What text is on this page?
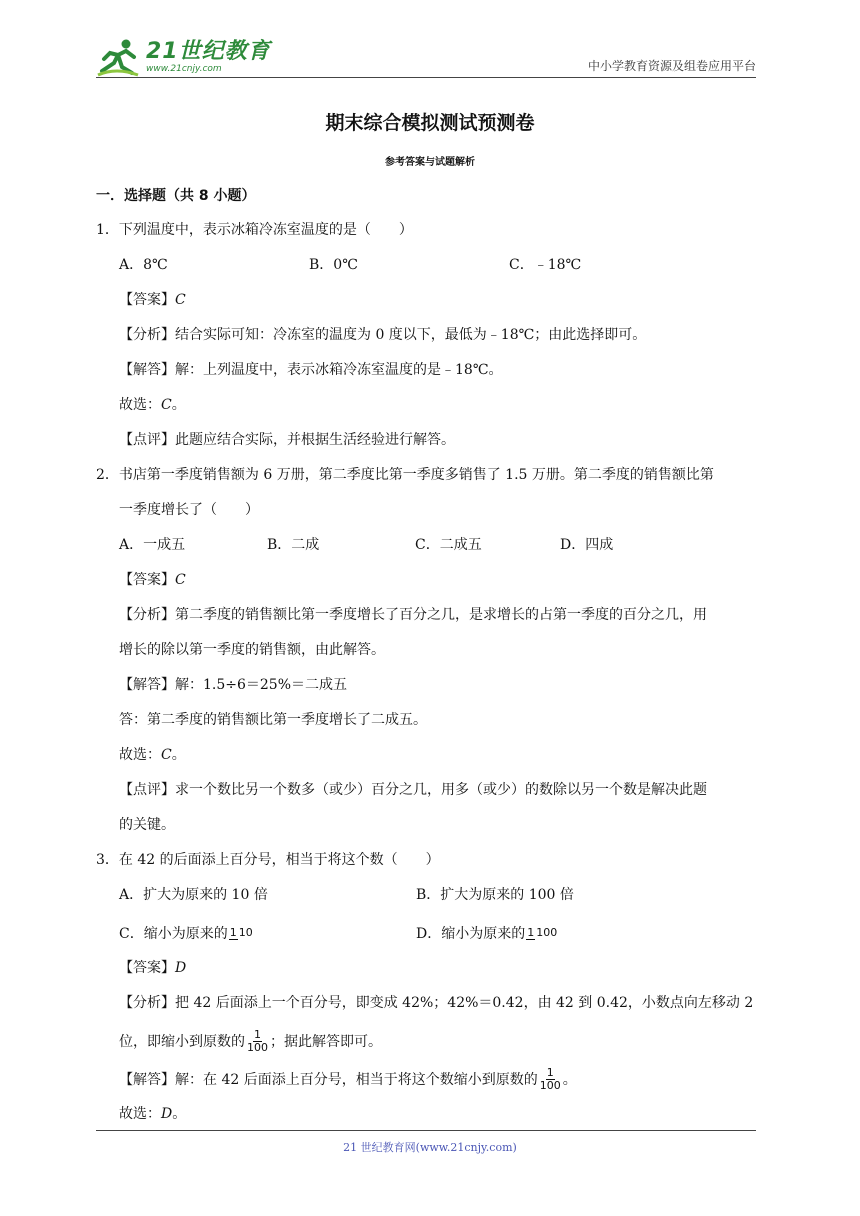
21世纪教育
www.21cnjy.com	中小学教育资源及组卷应用平台
期末综合模拟测试预测卷
参考答案与试题解析
一．选择题（共 8 小题）
1．下列温度中，表示冰箱冷冻室温度的是（　　）
A．8℃	B．0℃	C．﹣18℃
【答案】C
【分析】结合实际可知：冷冻室的温度为 0 度以下，最低为﹣18℃；由此选择即可。
【解答】解：上列温度中，表示冰箱冷冻室温度的是﹣18℃。
故选：C。
【点评】此题应结合实际，并根据生活经验进行解答。
2．书店第一季度销售额为 6 万册，第二季度比第一季度多销售了 1.5 万册。第二季度的销售额比第
一季度增长了（　　）
A．一成五	B．二成	C．二成五	D．四成
【答案】C
【分析】第二季度的销售额比第一季度增长了百分之几，是求增长的占第一季度的百分之几，用
增长的除以第一季度的销售额，由此解答。
【解答】解：1.5÷6＝25%＝二成五
答：第二季度的销售额比第一季度增长了二成五。
故选：C。
【点评】求一个数比另一个数多（或少）百分之几，用多（或少）的数除以另一个数是解决此题
的关键。
3．在 42 的后面添上百分号，相当于将这个数（　　）
A．扩大为原来的 10 倍	B．扩大为原来的 100 倍
C．缩小为原来的 1 10	D．缩小为原来的 1 100
【答案】D
【分析】把 42 后面添上一个百分号，即变成 42%；42%＝0.42，由 42 到 0.42，小数点向左移动 2
位，即缩小到原数的 $\frac{1}{100}$ ；据此解答即可。
【解答】解：在 42 后面添上百分号，相当于将这个数缩小到原数的 $\frac{1}{100}$ 。
故选：D。
21 世纪教育网(www.21cnjy.com)
